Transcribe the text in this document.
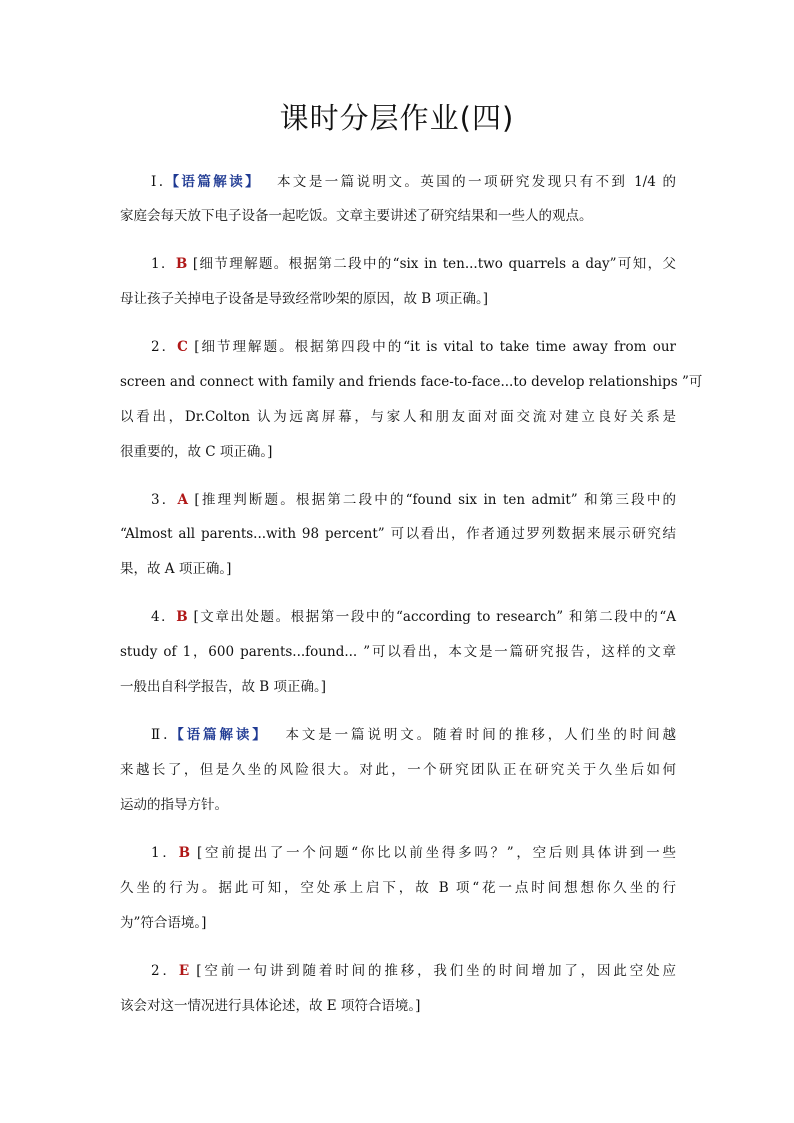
课时分层作业(四)
Ⅰ.【语篇解读】　 本文是一篇说明文。英国的一项研究发现只有不到 1/4 的
家庭会每天放下电子设备一起吃饭。文章主要讲述了研究结果和一些人的观点。
1．B [细节理解题。根据第二段中的“six in ten...two quarrels a day”可知，父
母让孩子关掉电子设备是导致经常吵架的原因，故 B 项正确。]
2．C [细节理解题。根据第四段中的“it is vital to take time away from our
screen and connect with family and friends face-to-face...to develop relationships ”可
以看出，Dr.Colton 认为远离屏幕，与家人和朋友面对面交流对建立良好关系是
很重要的，故 C 项正确。]
3．A [推理判断题。根据第二段中的“found six in ten admit” 和第三段中的
“Almost all parents...with 98 percent” 可以看出，作者通过罗列数据来展示研究结
果，故 A 项正确。]
4．B [文章出处题。根据第一段中的“according to research” 和第二段中的“A
study of 1，600 parents...found... ”可以看出，本文是一篇研究报告，这样的文章
一般出自科学报告，故 B 项正确。]
Ⅱ.【语篇解读】　 本文是一篇说明文。随着时间的推移，人们坐的时间越
来越长了，但是久坐的风险很大。对此，一个研究团队正在研究关于久坐后如何
运动的指导方针。
1．B [空前提出了一个问题“你比以前坐得多吗？”，空后则具体讲到一些
久坐的行为。据此可知，空处承上启下，故 B 项“花一点时间想想你久坐的行
为”符合语境。]
2．E [空前一句讲到随着时间的推移，我们坐的时间增加了，因此空处应
该会对这一情况进行具体论述，故 E 项符合语境。]
